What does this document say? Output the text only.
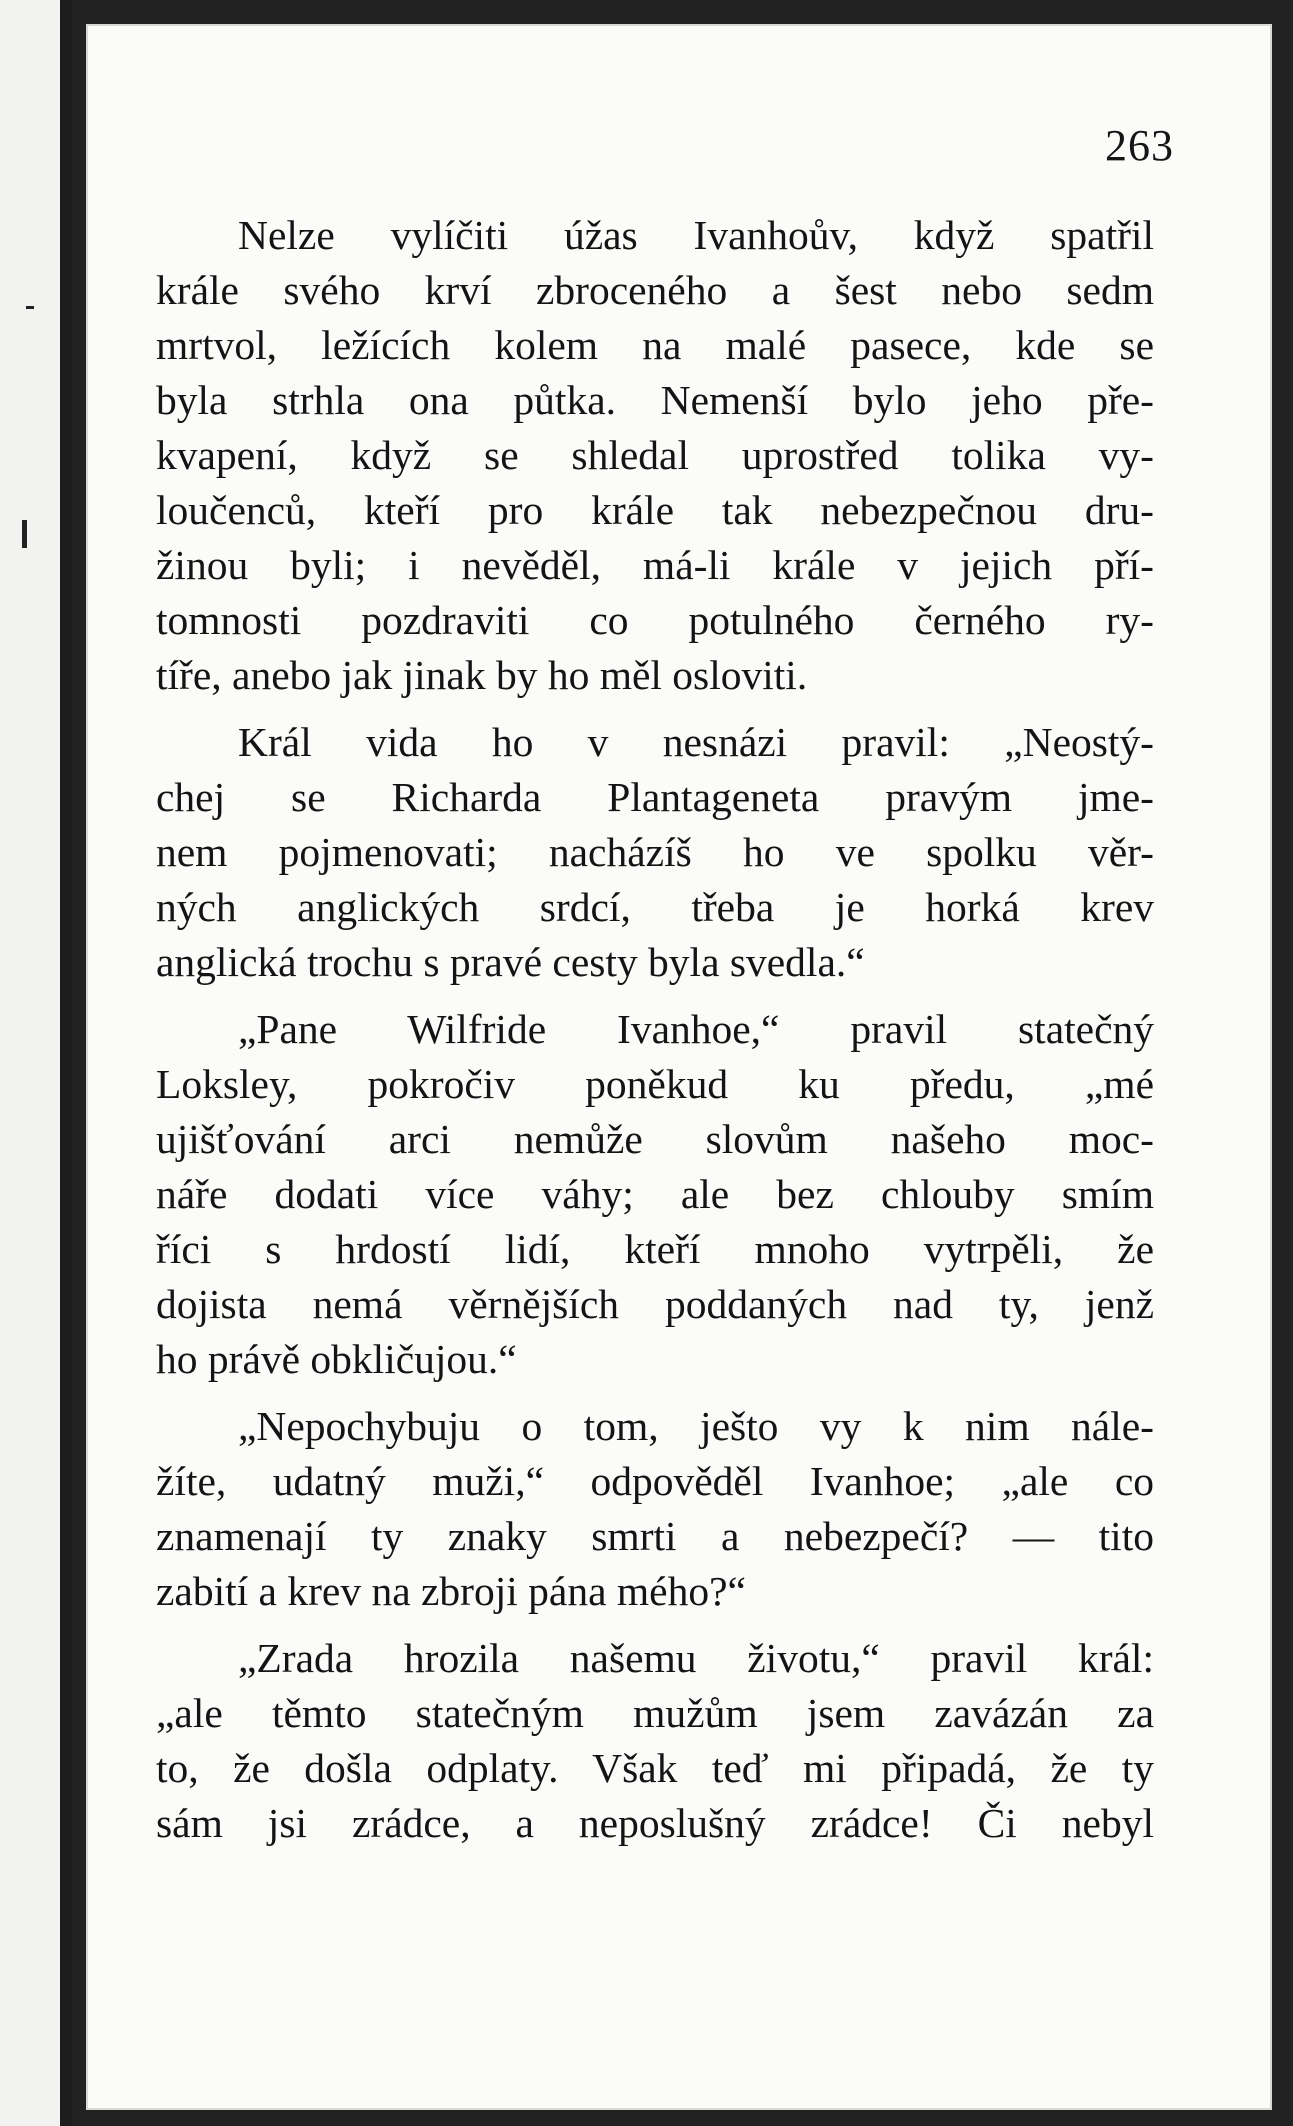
263
Nelze vylíčiti úžas Ivanhoův, když spatřil
krále svého krví zbroceného a šest nebo sedm
mrtvol, ležících kolem na malé pasece, kde se
byla strhla ona půtka. Nemenší bylo jeho pře-
kvapení, když se shledal uprostřed tolika vy-
loučenců, kteří pro krále tak nebezpečnou dru-
žinou byli; i nevěděl, má-li krále v jejich pří-
tomnosti pozdraviti co potulného černého ry-
tíře, anebo jak jinak by ho měl osloviti.
Král vida ho v nesnázi pravil: „Neostý-
chej se Richarda Plantageneta pravým jme-
nem pojmenovati; nacházíš ho ve spolku věr-
ných anglických srdcí, třeba je horká krev
anglická trochu s pravé cesty byla svedla.“
„Pane Wilfride Ivanhoe,“ pravil statečný
Loksley, pokročiv poněkud ku předu, „mé
ujišťování arci nemůže slovům našeho moc-
náře dodati více váhy; ale bez chlouby smím
říci s hrdostí lidí, kteří mnoho vytrpěli, že
dojista nemá věrnějších poddaných nad ty, jenž
ho právě obkličujou.“
„Nepochybuju o tom, ješto vy k nim nále-
žíte, udatný muži,“ odpověděl Ivanhoe; „ale co
znamenají ty znaky smrti a nebezpečí? — tito
zabití a krev na zbroji pána mého?“
„Zrada hrozila našemu životu,“ pravil král:
„ale těmto statečným mužům jsem zavázán za
to, že došla odplaty. Však teď mi připadá, že ty
sám jsi zrádce, a neposlušný zrádce! Či nebyl
